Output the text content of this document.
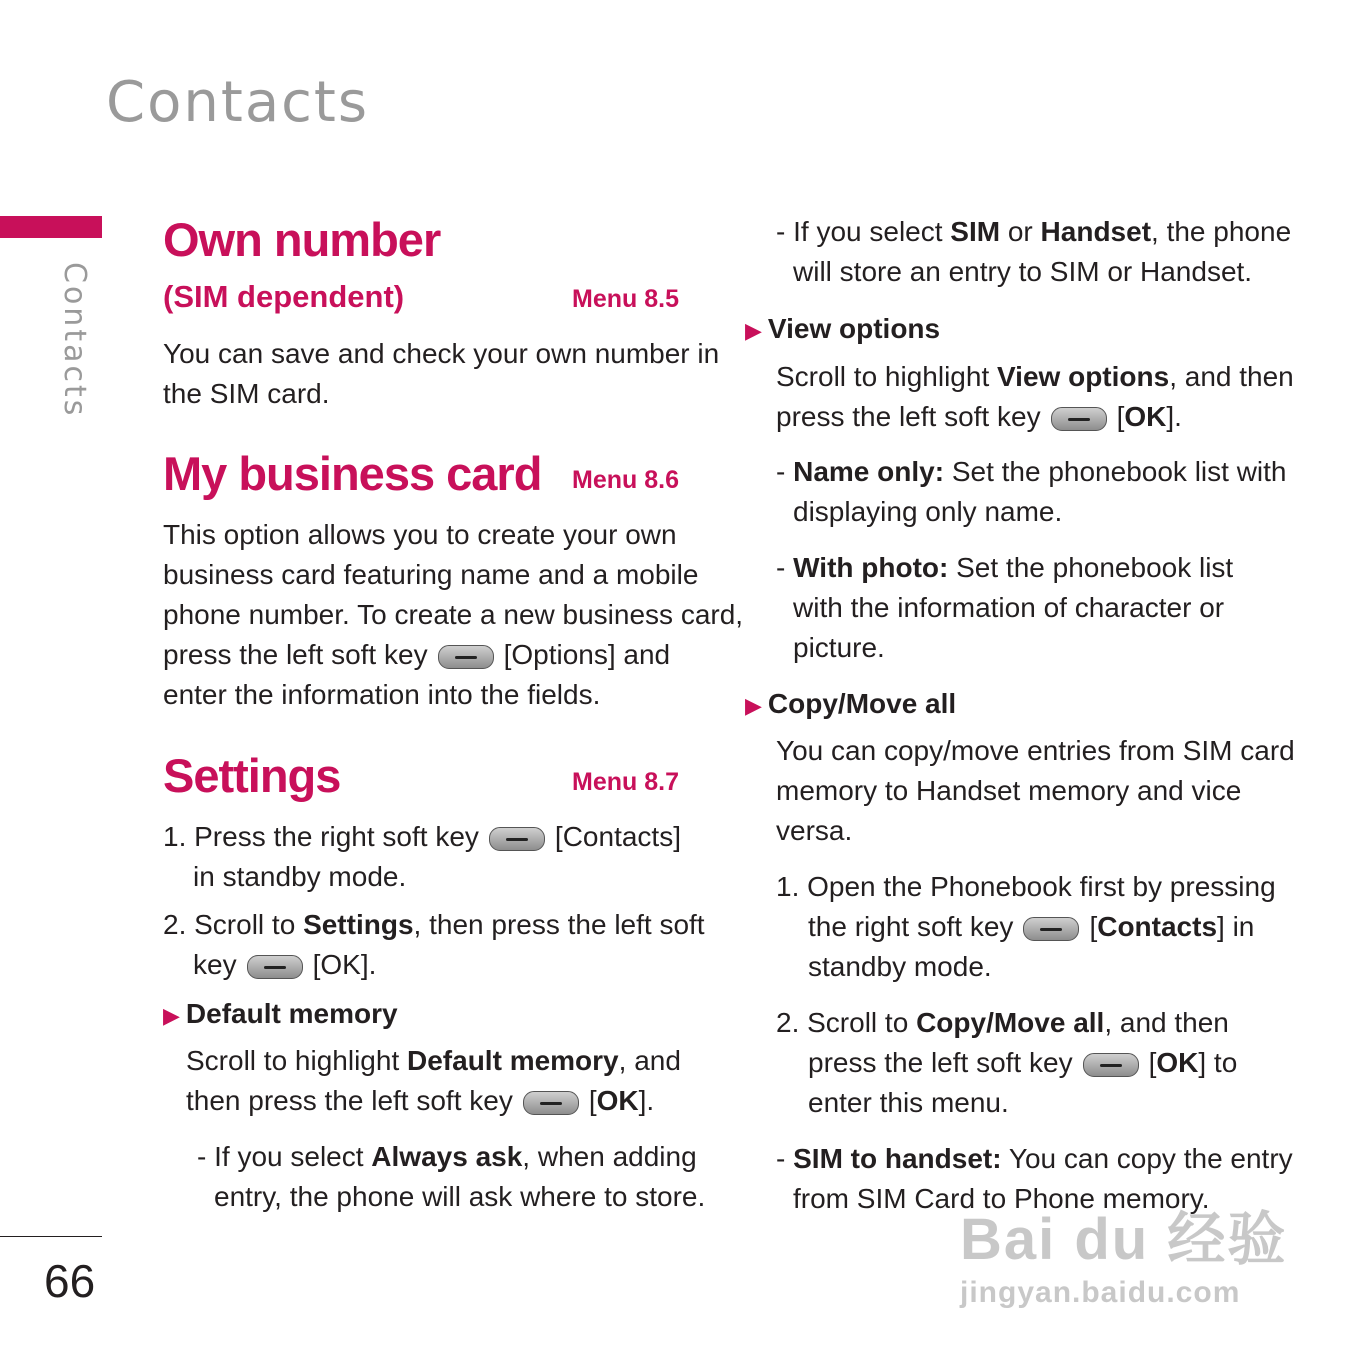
Contacts
Contacts
66
Own number
(SIM dependent)	Menu 8.5
You can save and check your own number in
the SIM card.
My business card Menu 8.6
This option allows you to create your own
business card featuring name and a mobile
phone number. To create a new business card,
press the left soft key	[Options] and
enter the information into the fields.
Settings	Menu 8.7
1. Press the right soft key	[Contacts]
in standby mode.
2. Scroll to Settings, then press the left soft
key	[OK].
▶ Default memory
Scroll to highlight Default memory, and
then press the left soft key	[OK].
- If you select Always ask, when adding
entry, the phone will ask where to store.
- If you select SIM or Handset, the phone
will store an entry to SIM or Handset.
▶ View options
Scroll to highlight View options, and then
press the left soft key	[OK].
- Name only: Set the phonebook list with
displaying only name.
- With photo: Set the phonebook list
with the information of character or
picture.
▶ Copy/Move all
You can copy/move entries from SIM card
memory to Handset memory and vice
versa.
1. Open the Phonebook first by pressing
the right soft key	[Contacts] in
standby mode.
2. Scroll to Copy/Move all, and then
press the left soft key	[OK] to
enter this menu.
- SIM to handset: You can copy the entry
from SIM Card to Phone memory.
Bai du 经验
jingyan.baidu.com
